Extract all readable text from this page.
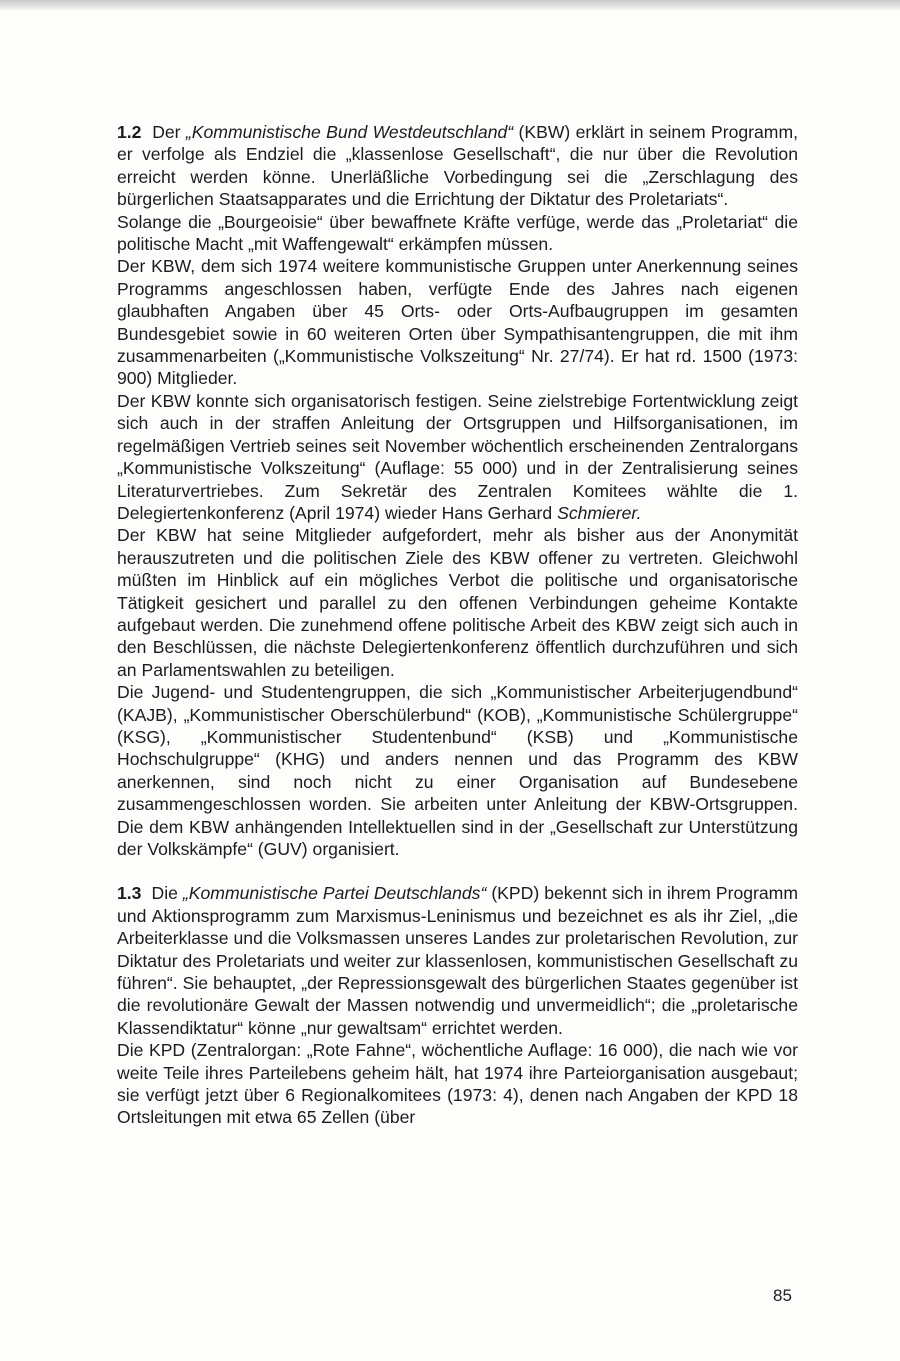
1.2 Der „Kommunistische Bund Westdeutschland“ (KBW) erklärt in seinem Programm, er verfolge als Endziel die „klassenlose Gesellschaft“, die nur über die Revolution erreicht werden könne. Unerläßliche Vorbedingung sei die „Zerschlagung des bürgerlichen Staatsapparates und die Errichtung der Diktatur des Proletariats“.

Solange die „Bourgeoisie“ über bewaffnete Kräfte verfüge, werde das „Proletariat“ die politische Macht „mit Waffengewalt“ erkämpfen müssen.

Der KBW, dem sich 1974 weitere kommunistische Gruppen unter Anerkennung seines Programms angeschlossen haben, verfügte Ende des Jahres nach eigenen glaubhaften Angaben über 45 Orts- oder Orts-Aufbaugruppen im gesamten Bundesgebiet sowie in 60 weiteren Orten über Sympathisantengruppen, die mit ihm zusammenarbeiten („Kommunistische Volkszeitung“ Nr. 27/74). Er hat rd. 1500 (1973: 900) Mitglieder.

Der KBW konnte sich organisatorisch festigen. Seine zielstrebige Fortentwicklung zeigt sich auch in der straffen Anleitung der Ortsgruppen und Hilfsorganisationen, im regelmäßigen Vertrieb seines seit November wöchentlich erscheinenden Zentralorgans „Kommunistische Volkszeitung“ (Auflage: 55 000) und in der Zentralisierung seines Literaturvertriebes. Zum Sekretär des Zentralen Komitees wählte die 1. Delegiertenkonferenz (April 1974) wieder Hans Gerhard Schmierer.

Der KBW hat seine Mitglieder aufgefordert, mehr als bisher aus der Anonymität herauszutreten und die politischen Ziele des KBW offener zu vertreten. Gleichwohl müßten im Hinblick auf ein mögliches Verbot die politische und organisatorische Tätigkeit gesichert und parallel zu den offenen Verbindungen geheime Kontakte aufgebaut werden. Die zunehmend offene politische Arbeit des KBW zeigt sich auch in den Beschlüssen, die nächste Delegiertenkonferenz öffentlich durchzuführen und sich an Parlamentswahlen zu beteiligen.

Die Jugend- und Studentengruppen, die sich „Kommunistischer Arbeiterjugendbund“ (KAJB), „Kommunistischer Oberschülerbund“ (KOB), „Kommunistische Schülergruppe“ (KSG), „Kommunistischer Studentenbund“ (KSB) und „Kommunistische Hochschulgruppe“ (KHG) und anders nennen und das Programm des KBW anerkennen, sind noch nicht zu einer Organisation auf Bundesebene zusammengeschlossen worden. Sie arbeiten unter Anleitung der KBW-Ortsgruppen. Die dem KBW anhängenden Intellektuellen sind in der „Gesellschaft zur Unterstützung der Volkskämpfe“ (GUV) organisiert.

1.3 Die „Kommunistische Partei Deutschlands“ (KPD) bekennt sich in ihrem Programm und Aktionsprogramm zum Marxismus-Leninismus und bezeichnet es als ihr Ziel, „die Arbeiterklasse und die Volksmassen unseres Landes zur proletarischen Revolution, zur Diktatur des Proletariats und weiter zur klassenlosen, kommunistischen Gesellschaft zu führen“. Sie behauptet, „der Repressionsgewalt des bürgerlichen Staates gegenüber ist die revolutionäre Gewalt der Massen notwendig und unvermeidlich“; die „proletarische Klassendiktatur“ könne „nur gewaltsam“ errichtet werden.

Die KPD (Zentralorgan: „Rote Fahne“, wöchentliche Auflage: 16 000), die nach wie vor weite Teile ihres Parteilebens geheim hält, hat 1974 ihre Parteiorganisation ausgebaut; sie verfügt jetzt über 6 Regionalkomitees (1973: 4), denen nach Angaben der KPD 18 Ortsleitungen mit etwa 65 Zellen (über

85
